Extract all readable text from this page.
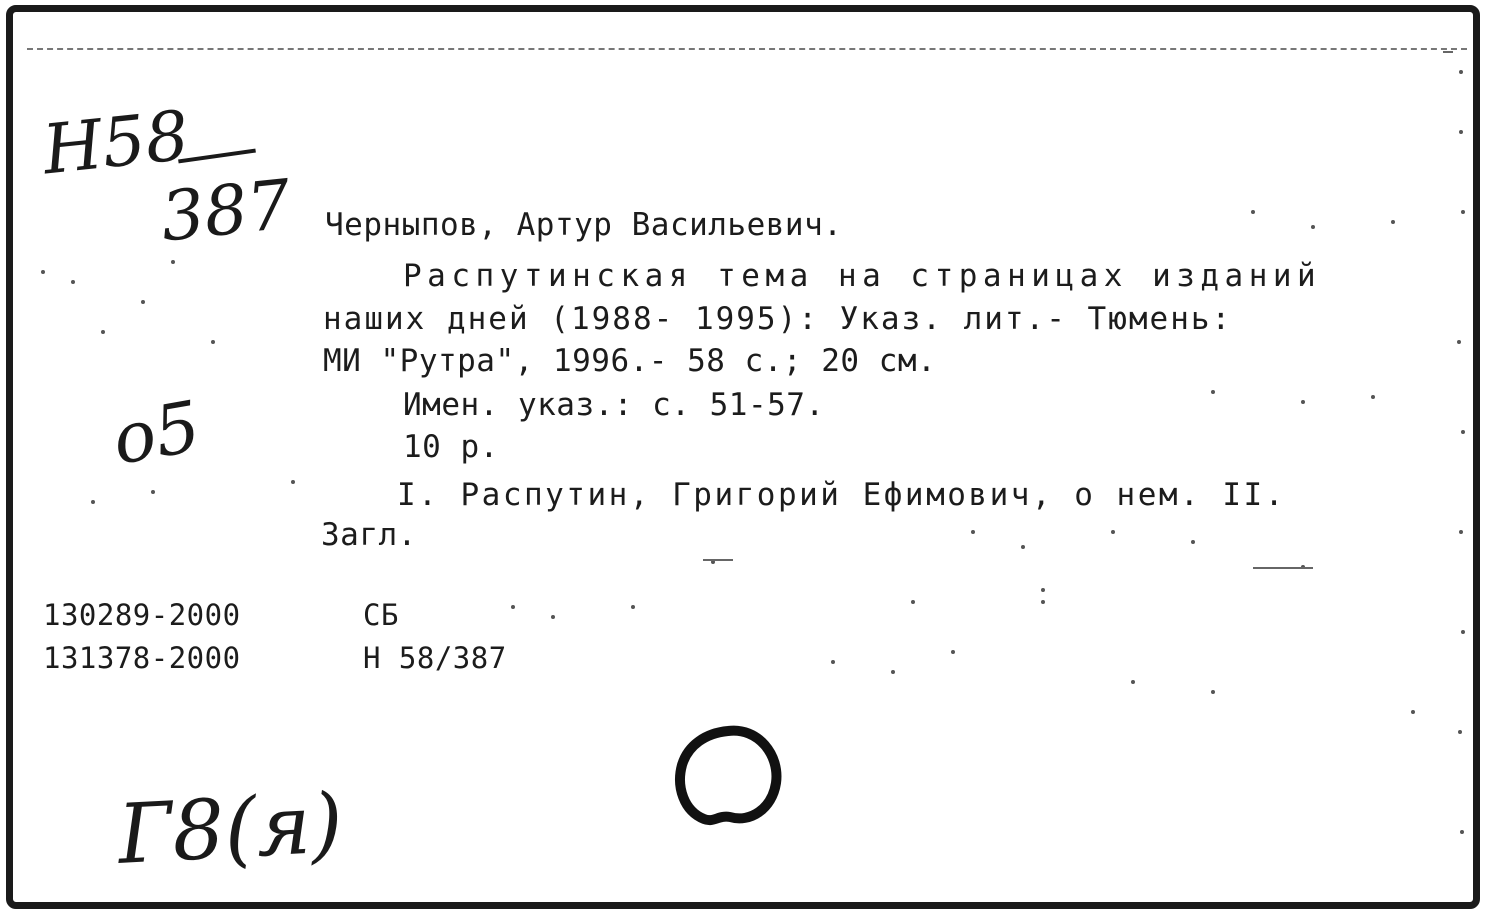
Н58
387 Черныпов, Артур Васильевич.
Распутинская тема на страницах изданий
наших дней (1988- 1995): Указ. лит.- Тюмень:
МИ "Рутра", 1996.- 58 с.; 20 см.
Имен. указ.: с. 51-57.
10 р.
I. Распутин, Григорий Ефимович, о нем. II.
Загл.
о5
130289-2000	СБ
131378-2000	Н 58/387
Г8(я)
